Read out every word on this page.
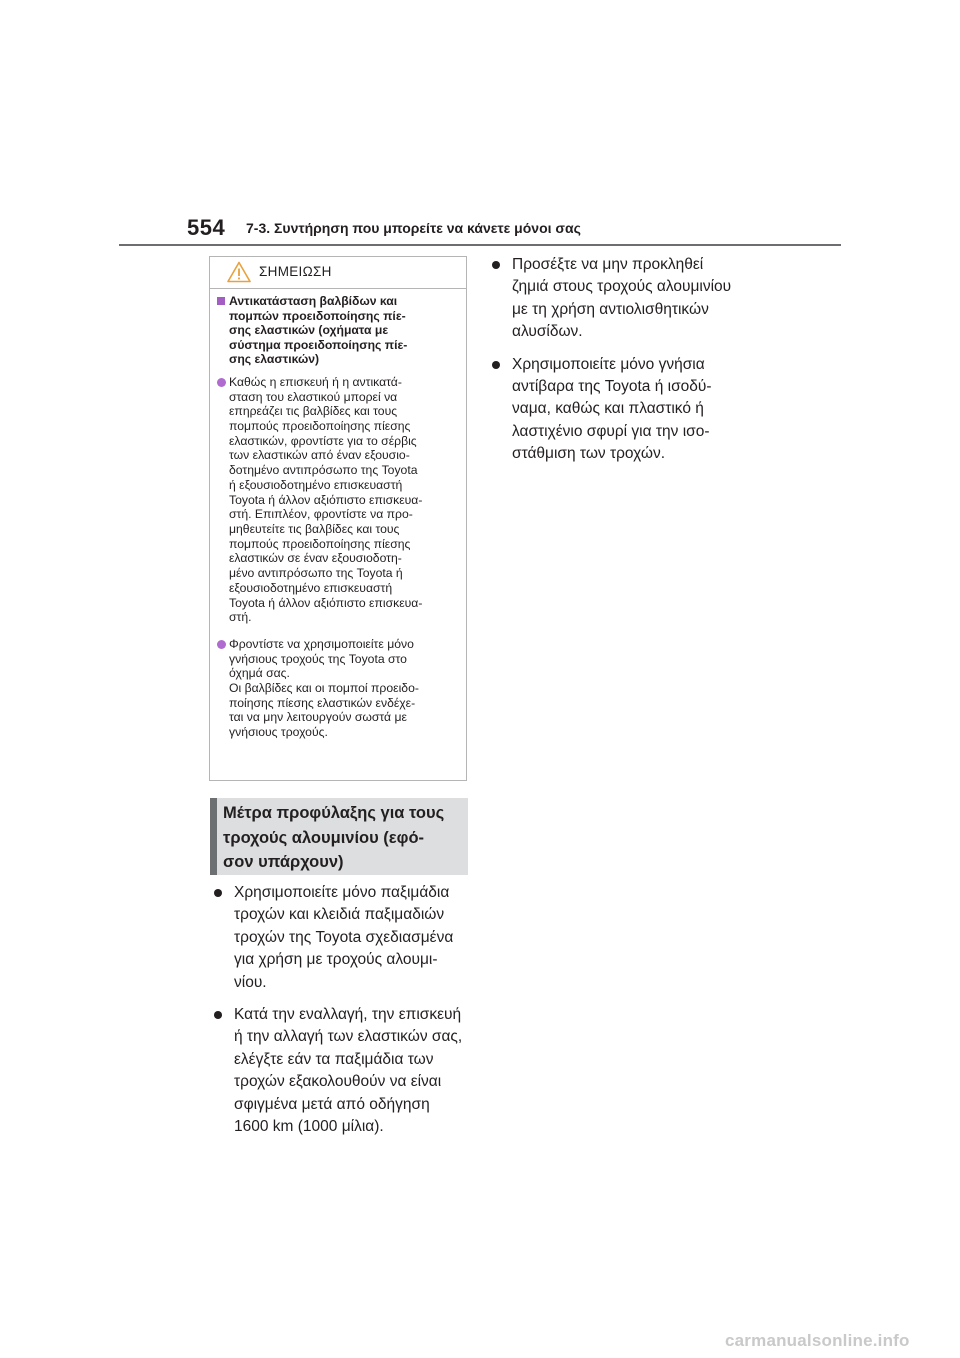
554 7-3. Συντήρηση που μπορείτε να κάνετε μόνοι σας
ΣΗΜΕΙΩΣΗ

Αντικατάσταση βαλβίδων και

πομπών προειδοποίησης πίε-

σης ελαστικών (οχήματα με

σύστημα προειδοποίησης πίε-

σης ελαστικών)

Καθώς η επισκευή ή η αντικατά-

σταση του ελαστικού μπορεί να

επηρεάζει τις βαλβίδες και τους

πομπούς προειδοποίησης πίεσης

ελαστικών, φροντίστε για το σέρβις

των ελαστικών από έναν εξουσιο-

δοτημένο αντιπρόσωπο της Toyota

ή εξουσιοδοτημένο επισκευαστή

Toyota ή άλλον αξιόπιστο επισκευα-

στή. Επιπλέον, φροντίστε να προ-

μηθευτείτε τις βαλβίδες και τους

πομπούς προειδοποίησης πίεσης

ελαστικών σε έναν εξουσιοδοτη-

μένο αντιπρόσωπο της Toyota ή

εξουσιοδοτημένο επισκευαστή

Toyota ή άλλον αξιόπιστο επισκευα-

στή.

Φροντίστε να χρησιμοποιείτε μόνο

γνήσιους τροχούς της Toyota στο

όχημά σας.

Οι βαλβίδες και οι πομποί προειδο-

ποίησης πίεσης ελαστικών ενδέχε-

ται να μην λειτουργούν σωστά με

γνήσιους τροχούς.

Μέτρα προφύλαξης για τους
τροχούς αλουμινίου (εφό-
σον υπάρχουν)

Χρησιμοποιείτε μόνο παξιμάδια

τροχών και κλειδιά παξιμαδιών

τροχών της Toyota σχεδιασμένα

για χρήση με τροχούς αλουμι-

νίου.

Κατά την εναλλαγή, την επισκευή

ή την αλλαγή των ελαστικών σας,

ελέγξτε εάν τα παξιμάδια των

τροχών εξακολουθούν να είναι

σφιγμένα μετά από οδήγηση

1600 km (1000 μίλια).

Προσέξτε να μην προκληθεί

ζημιά στους τροχούς αλουμινίου

με τη χρήση αντιολισθητικών

αλυσίδων.

Χρησιμοποιείτε μόνο γνήσια

αντίβαρα της Toyota ή ισοδύ-

ναμα, καθώς και πλαστικό ή

λαστιχένιο σφυρί για την ισο-

στάθμιση των τροχών.

carmanualsonline.info
